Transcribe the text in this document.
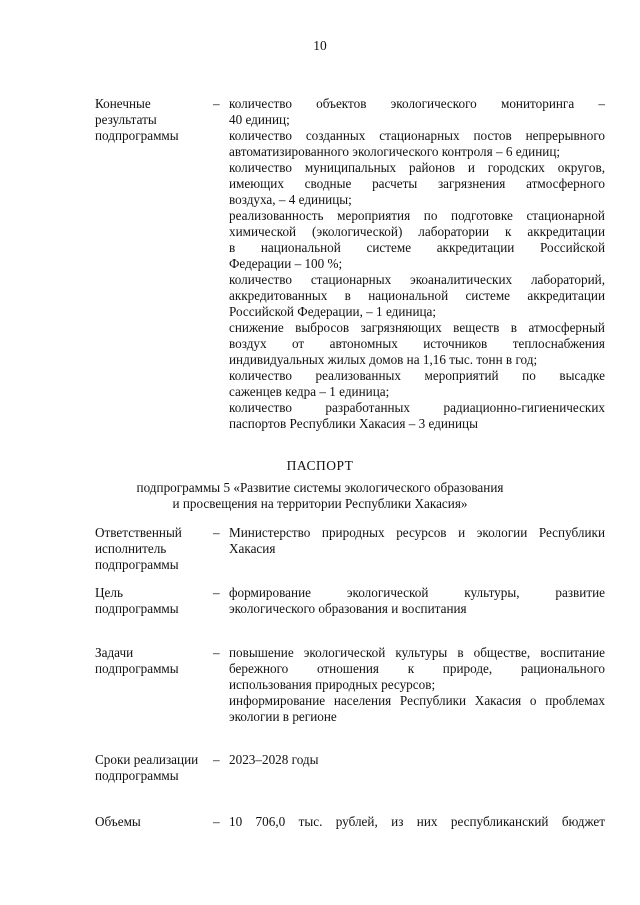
10
Конечные
результаты
подпрограммы
– количество объектов экологического мониторинга –
40 единиц;
количество созданных стационарных постов непрерывного
автоматизированного экологического контроля – 6 единиц;
количество муниципальных районов и городских округов,
имеющих сводные расчеты загрязнения атмосферного
воздуха, – 4 единицы;
реализованность мероприятия по подготовке стационарной
химической (экологической) лаборатории к аккредитации
в национальной системе аккредитации Российской
Федерации – 100 %;
количество стационарных экоаналитических лабораторий,
аккредитованных в национальной системе аккредитации
Российской Федерации, – 1 единица;
снижение выбросов загрязняющих веществ в атмосферный
воздух от автономных источников теплоснабжения
индивидуальных жилых домов на 1,16 тыс. тонн в год;
количество реализованных мероприятий по высадке
саженцев кедра – 1 единица;
количество разработанных радиационно-гигиенических
паспортов Республики Хакасия – 3 единицы
ПАСПОРТ
подпрограммы 5 «Развитие системы экологического образования
и просвещения на территории Республики Хакасия»
Ответственный
исполнитель
подпрограммы
– Министерство природных ресурсов и экологии Республики
Хакасия
Цель
подпрограммы
– формирование экологической культуры, развитие
экологического образования и воспитания
Задачи
подпрограммы
– повышение экологической культуры в обществе, воспитание
бережного отношения к природе, рационального
использования природных ресурсов;
информирование населения Республики Хакасия о проблемах
экологии в регионе
Сроки реализации
подпрограммы
– 2023–2028 годы
Объемы	– 10 706,0 тыс. рублей, из них республиканский бюджет
